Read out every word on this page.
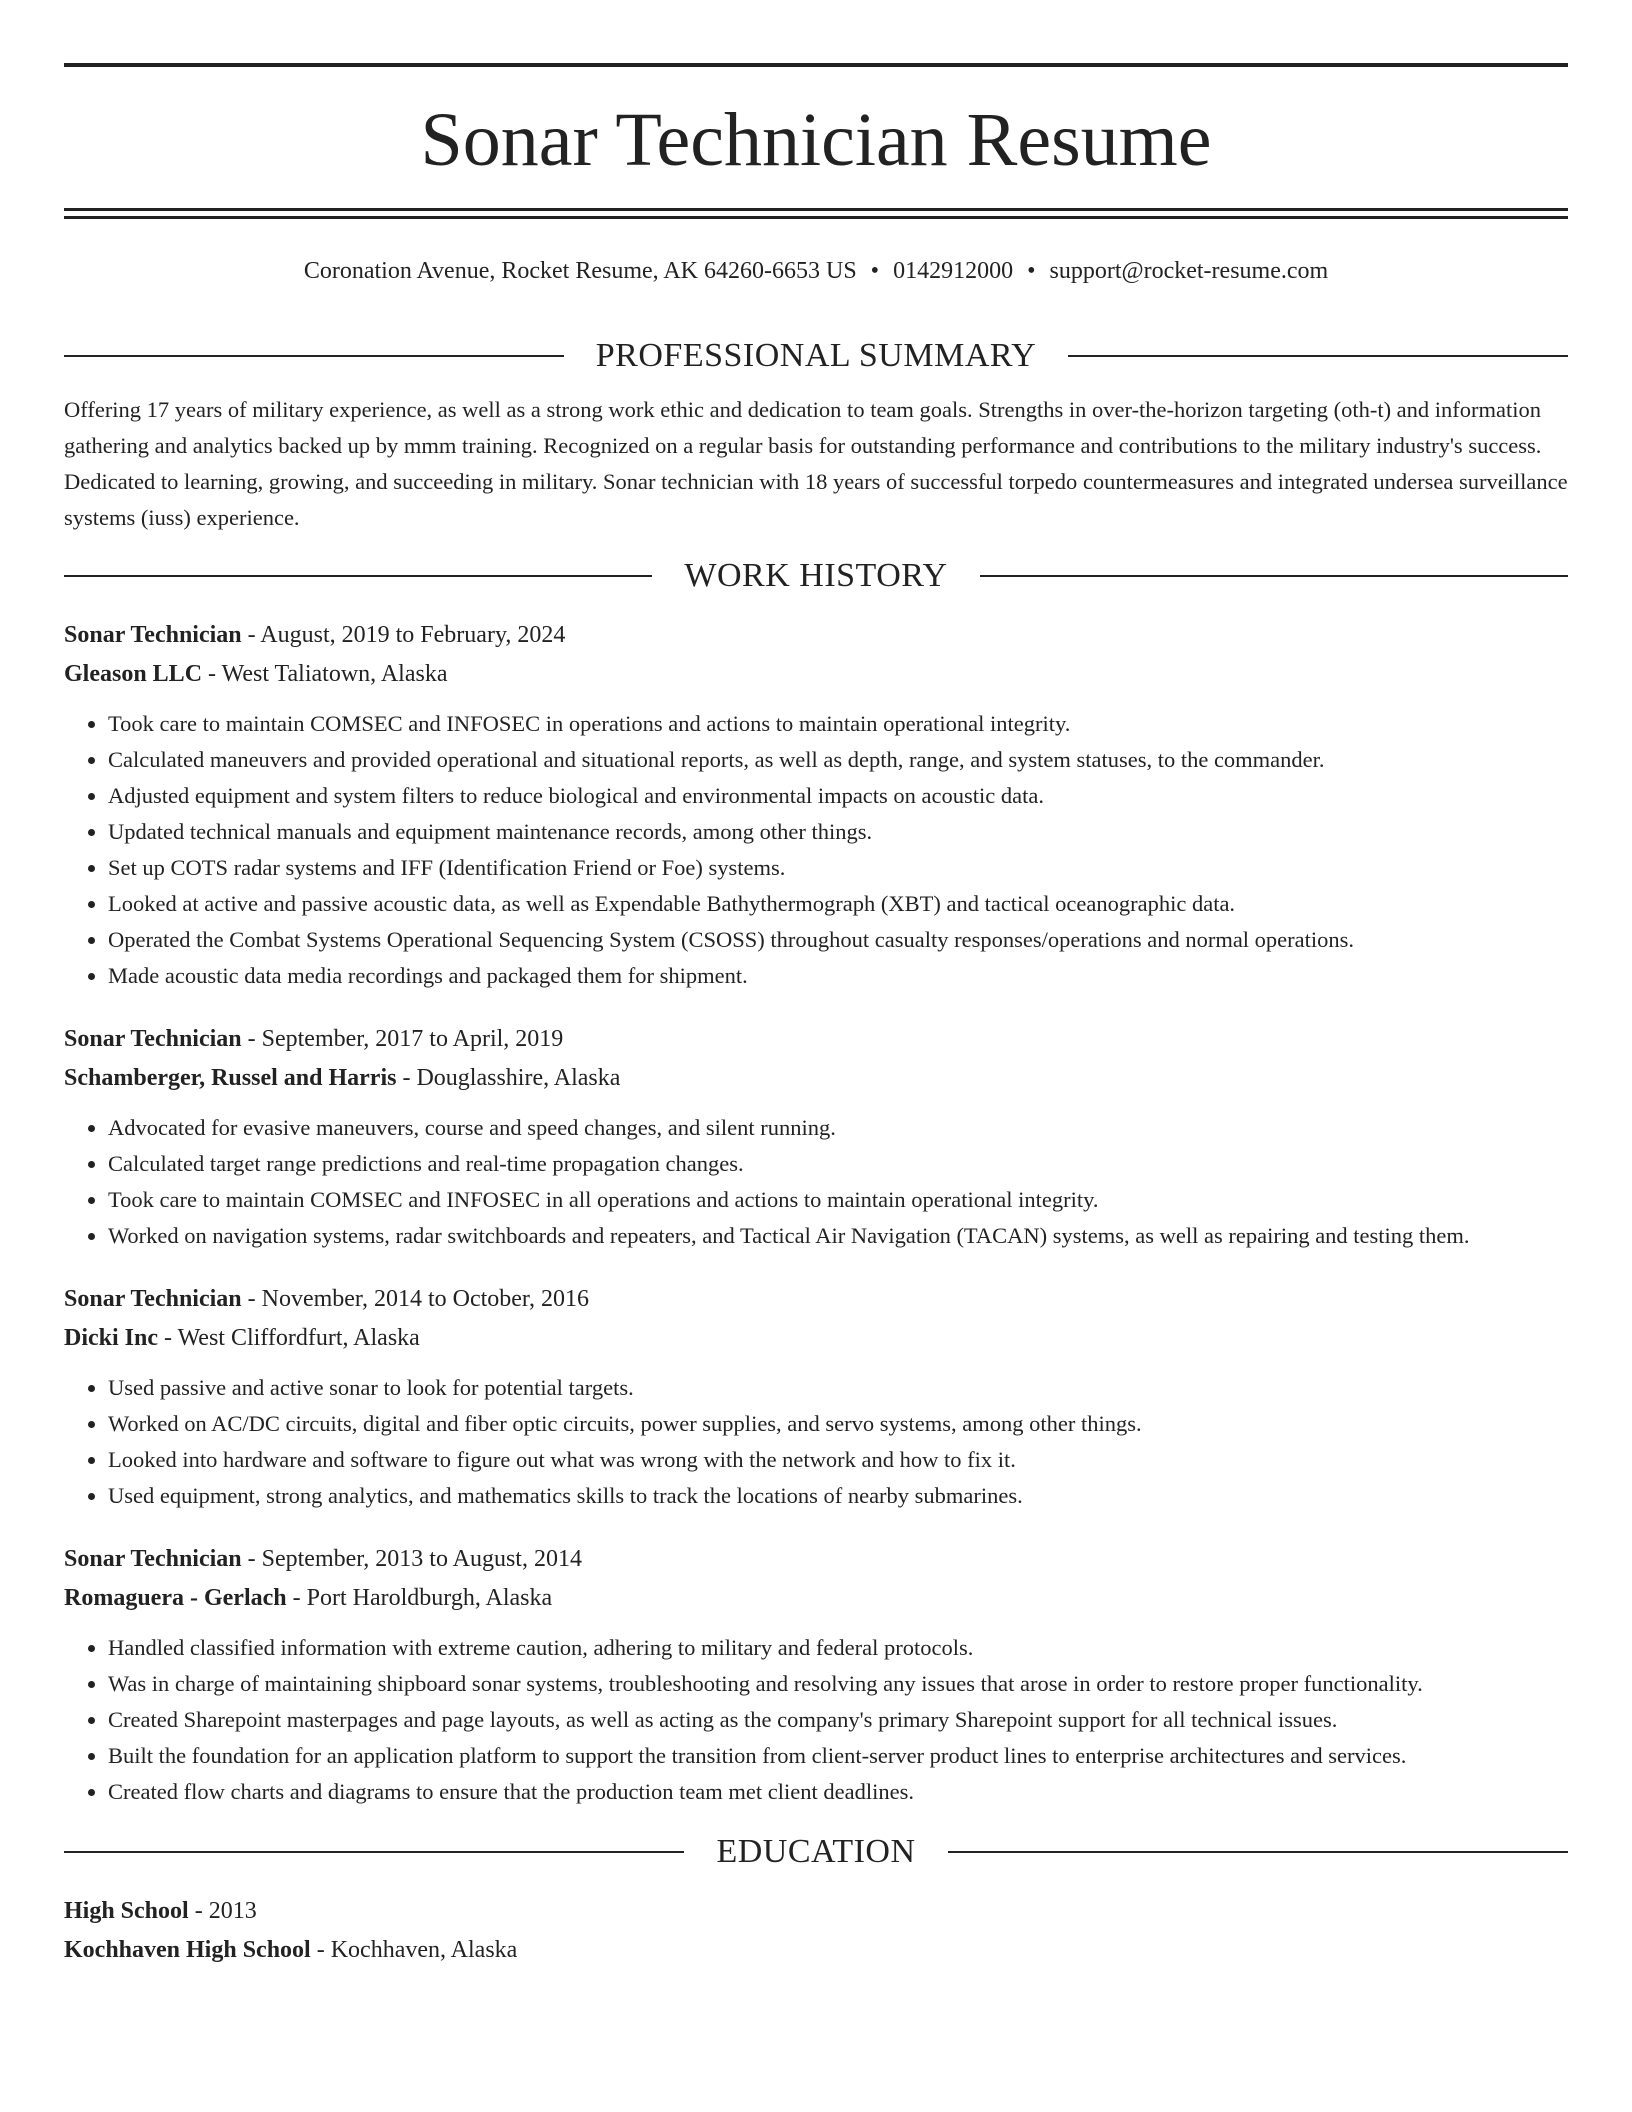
Sonar Technician Resume
Coronation Avenue, Rocket Resume, AK 64260-6653 US • 0142912000 • support@rocket-resume.com
PROFESSIONAL SUMMARY

Offering 17 years of military experience, as well as a strong work ethic and dedication to team goals. Strengths in over-the-horizon targeting (oth-t) and information gathering and analytics backed up by mmm training. Recognized on a regular basis for outstanding performance and contributions to the military industry's success. Dedicated to learning, growing, and succeeding in military. Sonar technician with 18 years of successful torpedo countermeasures and integrated undersea surveillance systems (iuss) experience.

WORK HISTORY
Sonar Technician - August, 2019 to February, 2024
Gleason LLC - West Taliatown, Alaska
• Took care to maintain COMSEC and INFOSEC in operations and actions to maintain operational integrity.
• Calculated maneuvers and provided operational and situational reports, as well as depth, range, and system statuses, to the commander.
• Adjusted equipment and system filters to reduce biological and environmental impacts on acoustic data.
• Updated technical manuals and equipment maintenance records, among other things.
• Set up COTS radar systems and IFF (Identification Friend or Foe) systems.
• Looked at active and passive acoustic data, as well as Expendable Bathythermograph (XBT) and tactical oceanographic data.
• Operated the Combat Systems Operational Sequencing System (CSOSS) throughout casualty responses/operations and normal operations.
• Made acoustic data media recordings and packaged them for shipment.
Sonar Technician - September, 2017 to April, 2019
Schamberger, Russel and Harris - Douglasshire, Alaska
• Advocated for evasive maneuvers, course and speed changes, and silent running.
• Calculated target range predictions and real-time propagation changes.
• Took care to maintain COMSEC and INFOSEC in all operations and actions to maintain operational integrity.
• Worked on navigation systems, radar switchboards and repeaters, and Tactical Air Navigation (TACAN) systems, as well as repairing and testing them.
Sonar Technician - November, 2014 to October, 2016
Dicki Inc - West Cliffordfurt, Alaska
• Used passive and active sonar to look for potential targets.
• Worked on AC/DC circuits, digital and fiber optic circuits, power supplies, and servo systems, among other things.
• Looked into hardware and software to figure out what was wrong with the network and how to fix it.
• Used equipment, strong analytics, and mathematics skills to track the locations of nearby submarines.
Sonar Technician - September, 2013 to August, 2014
Romaguera - Gerlach - Port Haroldburgh, Alaska
• Handled classified information with extreme caution, adhering to military and federal protocols.
• Was in charge of maintaining shipboard sonar systems, troubleshooting and resolving any issues that arose in order to restore proper functionality.
• Created Sharepoint masterpages and page layouts, as well as acting as the company's primary Sharepoint support for all technical issues.
• Built the foundation for an application platform to support the transition from client-server product lines to enterprise architectures and services.
• Created flow charts and diagrams to ensure that the production team met client deadlines.
EDUCATION
High School - 2013
Kochhaven High School - Kochhaven, Alaska
